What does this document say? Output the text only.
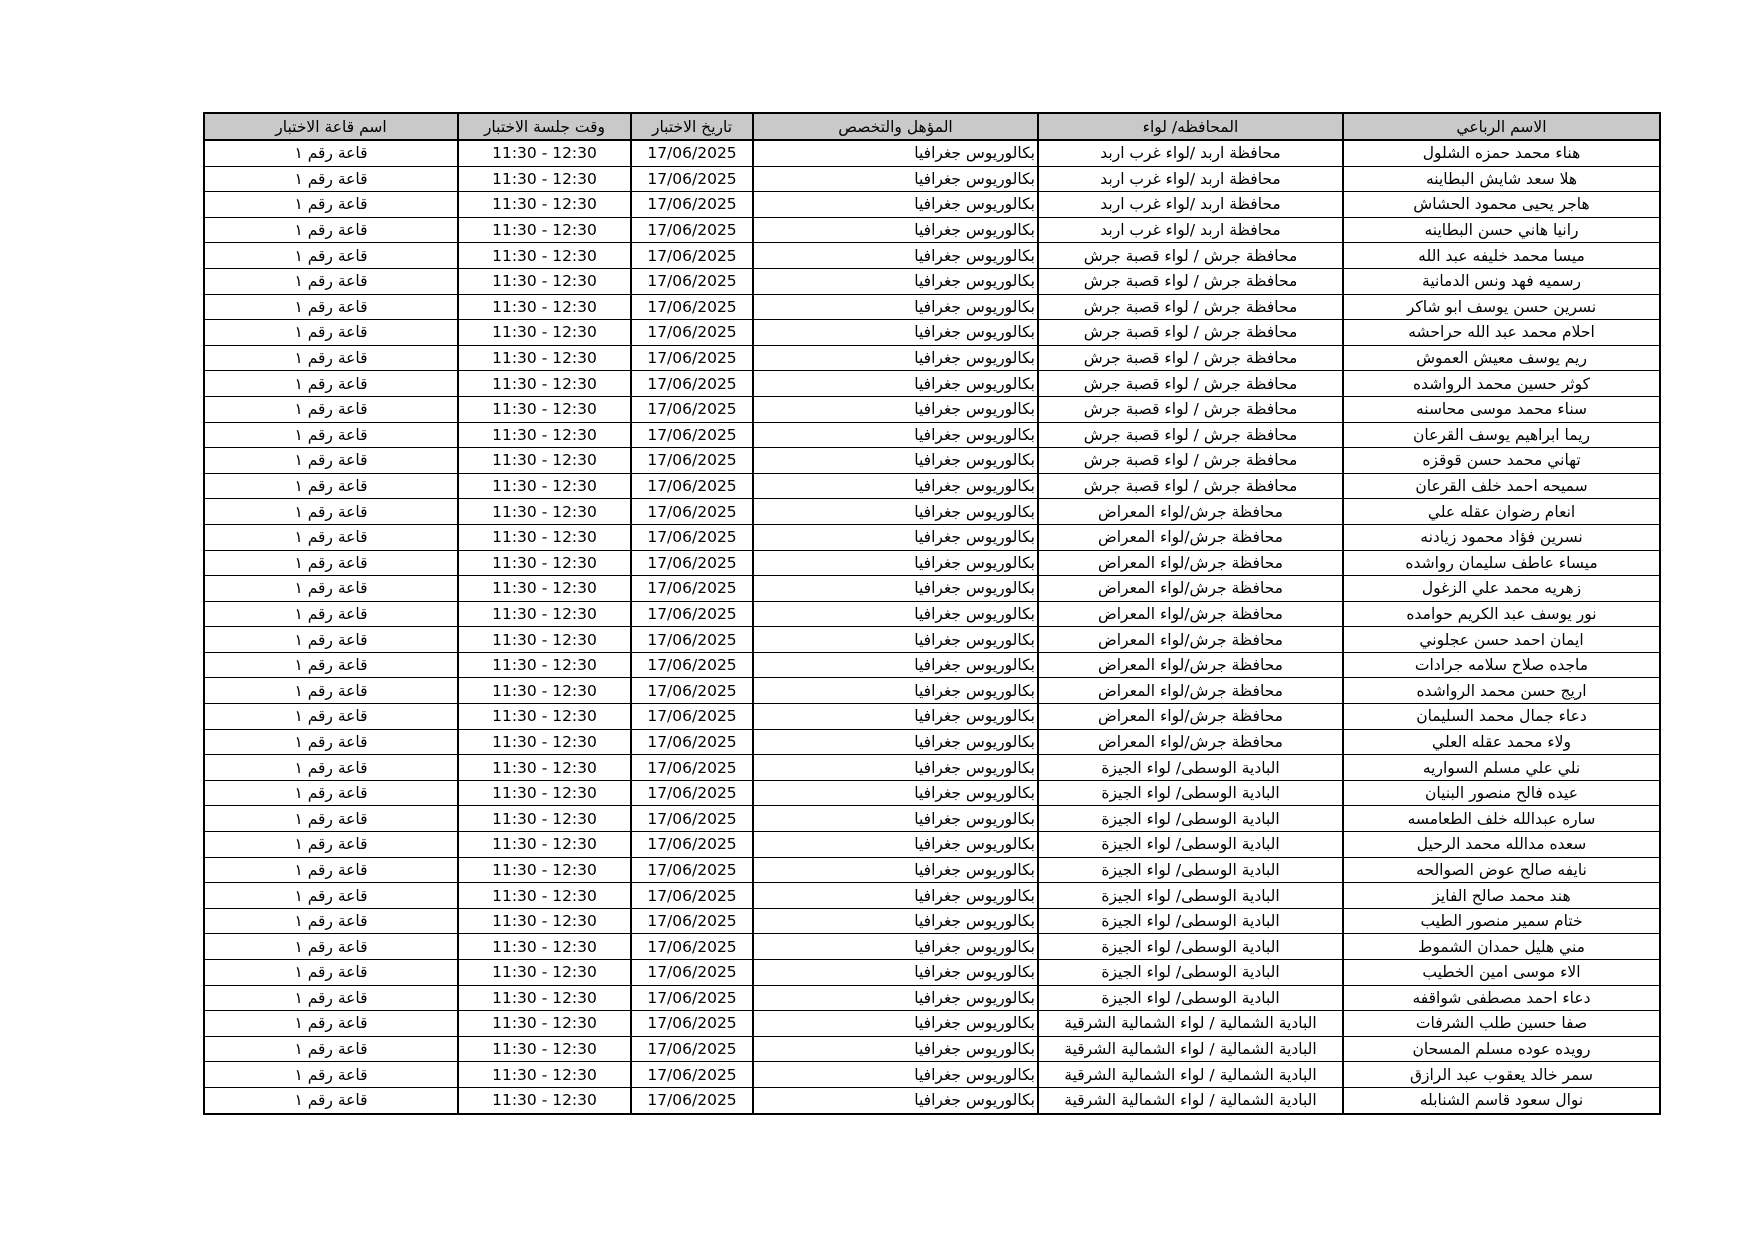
الاسم الرباعي	المحافظه/ لواء	المؤهل والتخصص	تاريخ الاختبار	وقت جلسة الاختبار	اسم قاعة الاختبار
هناء محمد حمزه الشلول	محافظة اربد /لواء غرب اربد	بكالوريوس جغرافيا	17/06/2025	11:30 - 12:30	قاعة رقم ١
هلا سعد شايش البطاينه	محافظة اربد /لواء غرب اربد	بكالوريوس جغرافيا	17/06/2025	11:30 - 12:30	قاعة رقم ١
هاجر يحيى محمود الحشاش	محافظة اربد /لواء غرب اربد	بكالوريوس جغرافيا	17/06/2025	11:30 - 12:30	قاعة رقم ١
رانيا هاني حسن البطاينه	محافظة اربد /لواء غرب اربد	بكالوريوس جغرافيا	17/06/2025	11:30 - 12:30	قاعة رقم ١
ميسا محمد خليفه عبد الله	محافظة جرش / لواء قصبة جرش	بكالوريوس جغرافيا	17/06/2025	11:30 - 12:30	قاعة رقم ١
رسميه فهد ونس الدمانية	محافظة جرش / لواء قصبة جرش	بكالوريوس جغرافيا	17/06/2025	11:30 - 12:30	قاعة رقم ١
نسرين حسن يوسف ابو شاكر	محافظة جرش / لواء قصبة جرش	بكالوريوس جغرافيا	17/06/2025	11:30 - 12:30	قاعة رقم ١
احلام محمد عبد الله حراحشه	محافظة جرش / لواء قصبة جرش	بكالوريوس جغرافيا	17/06/2025	11:30 - 12:30	قاعة رقم ١
ريم يوسف معيش العموش	محافظة جرش / لواء قصبة جرش	بكالوريوس جغرافيا	17/06/2025	11:30 - 12:30	قاعة رقم ١
كوثر حسين محمد الرواشده	محافظة جرش / لواء قصبة جرش	بكالوريوس جغرافيا	17/06/2025	11:30 - 12:30	قاعة رقم ١
سناء محمد موسى محاسنه	محافظة جرش / لواء قصبة جرش	بكالوريوس جغرافيا	17/06/2025	11:30 - 12:30	قاعة رقم ١
ريما ابراهيم يوسف القرعان	محافظة جرش / لواء قصبة جرش	بكالوريوس جغرافيا	17/06/2025	11:30 - 12:30	قاعة رقم ١
تهاني محمد حسن قوقزه	محافظة جرش / لواء قصبة جرش	بكالوريوس جغرافيا	17/06/2025	11:30 - 12:30	قاعة رقم ١
سميحه احمد خلف القرعان	محافظة جرش / لواء قصبة جرش	بكالوريوس جغرافيا	17/06/2025	11:30 - 12:30	قاعة رقم ١
انعام رضوان عقله علي	محافظة جرش/لواء المعراض	بكالوريوس جغرافيا	17/06/2025	11:30 - 12:30	قاعة رقم ١
نسرين فؤاد محمود زيادنه	محافظة جرش/لواء المعراض	بكالوريوس جغرافيا	17/06/2025	11:30 - 12:30	قاعة رقم ١
ميساء عاطف سليمان رواشده	محافظة جرش/لواء المعراض	بكالوريوس جغرافيا	17/06/2025	11:30 - 12:30	قاعة رقم ١
زهريه محمد علي الزغول	محافظة جرش/لواء المعراض	بكالوريوس جغرافيا	17/06/2025	11:30 - 12:30	قاعة رقم ١
نور يوسف عبد الكريم حوامده	محافظة جرش/لواء المعراض	بكالوريوس جغرافيا	17/06/2025	11:30 - 12:30	قاعة رقم ١
ايمان احمد حسن عجلوني	محافظة جرش/لواء المعراض	بكالوريوس جغرافيا	17/06/2025	11:30 - 12:30	قاعة رقم ١
ماجده صلاح سلامه جرادات	محافظة جرش/لواء المعراض	بكالوريوس جغرافيا	17/06/2025	11:30 - 12:30	قاعة رقم ١
اريج حسن محمد الرواشده	محافظة جرش/لواء المعراض	بكالوريوس جغرافيا	17/06/2025	11:30 - 12:30	قاعة رقم ١
دعاء جمال محمد السليمان	محافظة جرش/لواء المعراض	بكالوريوس جغرافيا	17/06/2025	11:30 - 12:30	قاعة رقم ١
ولاء محمد عقله العلي	محافظة جرش/لواء المعراض	بكالوريوس جغرافيا	17/06/2025	11:30 - 12:30	قاعة رقم ١
نلي علي مسلم السواريه	البادية الوسطى/ لواء الجيزة	بكالوريوس جغرافيا	17/06/2025	11:30 - 12:30	قاعة رقم ١
عيده فالح منصور البنيان	البادية الوسطى/ لواء الجيزة	بكالوريوس جغرافيا	17/06/2025	11:30 - 12:30	قاعة رقم ١
ساره عبدالله خلف الطعامسه	البادية الوسطى/ لواء الجيزة	بكالوريوس جغرافيا	17/06/2025	11:30 - 12:30	قاعة رقم ١
سعده مدالله محمد الرحيل	البادية الوسطى/ لواء الجيزة	بكالوريوس جغرافيا	17/06/2025	11:30 - 12:30	قاعة رقم ١
نايفه صالح عوض الصوالحه	البادية الوسطى/ لواء الجيزة	بكالوريوس جغرافيا	17/06/2025	11:30 - 12:30	قاعة رقم ١
هند محمد صالح الفايز	البادية الوسطى/ لواء الجيزة	بكالوريوس جغرافيا	17/06/2025	11:30 - 12:30	قاعة رقم ١
ختام سمير منصور الطيب	البادية الوسطى/ لواء الجيزة	بكالوريوس جغرافيا	17/06/2025	11:30 - 12:30	قاعة رقم ١
مني هليل حمدان الشموط	البادية الوسطى/ لواء الجيزة	بكالوريوس جغرافيا	17/06/2025	11:30 - 12:30	قاعة رقم ١
الاء موسى امين الخطيب	البادية الوسطى/ لواء الجيزة	بكالوريوس جغرافيا	17/06/2025	11:30 - 12:30	قاعة رقم ١
دعاء احمد مصطفى شواقفه	البادية الوسطى/ لواء الجيزة	بكالوريوس جغرافيا	17/06/2025	11:30 - 12:30	قاعة رقم ١
صفا حسين طلب الشرفات	البادية الشمالية / لواء الشمالية الشرقية	بكالوريوس جغرافيا	17/06/2025	11:30 - 12:30	قاعة رقم ١
رويده عوده مسلم المسحان	البادية الشمالية / لواء الشمالية الشرقية	بكالوريوس جغرافيا	17/06/2025	11:30 - 12:30	قاعة رقم ١
سمر خالد يعقوب عبد الرازق	البادية الشمالية / لواء الشمالية الشرقية	بكالوريوس جغرافيا	17/06/2025	11:30 - 12:30	قاعة رقم ١
نوال سعود قاسم الشنابله	البادية الشمالية / لواء الشمالية الشرقية	بكالوريوس جغرافيا	17/06/2025	11:30 - 12:30	قاعة رقم ١
